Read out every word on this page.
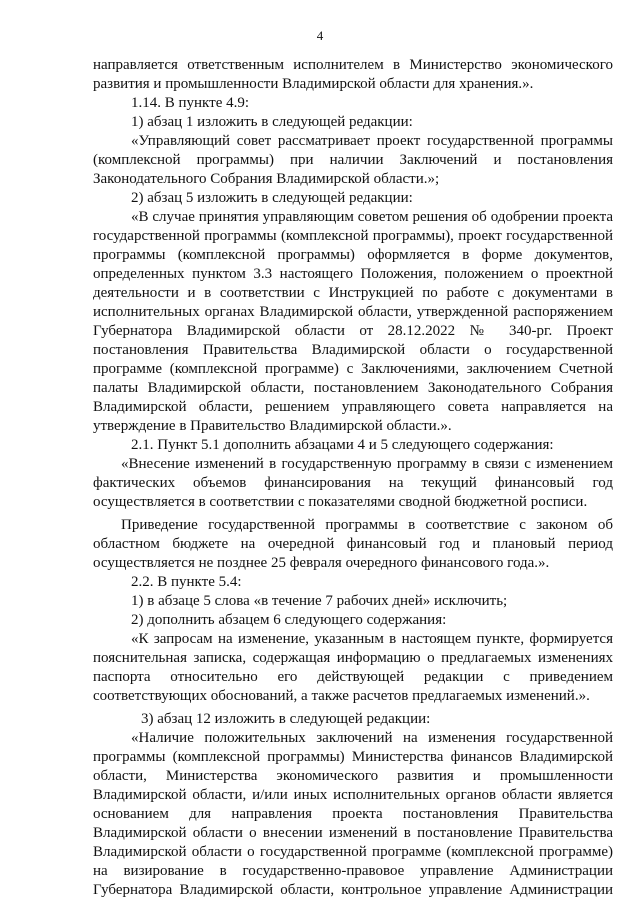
4

направляется ответственным исполнителем в Министерство экономического развития и промышленности Владимирской области для хранения.».

1.14. В пункте 4.9:

1) абзац 1 изложить в следующей редакции:

«Управляющий совет рассматривает проект государственной программы (комплексной программы) при наличии Заключений и постановления Законодательного Собрания Владимирской области.»;

2) абзац 5 изложить в следующей редакции:

«В случае принятия управляющим советом решения об одобрении проекта государственной программы (комплексной программы), проект государственной программы (комплексной программы) оформляется в форме документов, определенных пунктом 3.3 настоящего Положения, положением о проектной деятельности и в соответствии с Инструкцией по работе с документами в исполнительных органах Владимирской области, утвержденной распоряжением Губернатора Владимирской области от 28.12.2022 № 340-рг. Проект постановления Правительства Владимирской области о государственной программе (комплексной программе) с Заключениями, заключением Счетной палаты Владимирской области, постановлением Законодательного Собрания Владимирской области, решением управляющего совета направляется на утверждение в Правительство Владимирской области.».

2.1. Пункт 5.1 дополнить абзацами 4 и 5 следующего содержания:

«Внесение изменений в государственную программу в связи с изменением фактических объемов финансирования на текущий финансовый год осуществляется в соответствии с показателями сводной бюджетной росписи.

Приведение государственной программы в соответствие с законом об областном бюджете на очередной финансовый год и плановый период осуществляется не позднее 25 февраля очередного финансового года.».

2.2. В пункте 5.4:

1) в абзаце 5 слова «в течение 7 рабочих дней» исключить;

2) дополнить абзацем 6 следующего содержания:

«К запросам на изменение, указанным в настоящем пункте, формируется пояснительная записка, содержащая информацию о предлагаемых изменениях паспорта относительно его действующей редакции с приведением соответствующих обоснований, а также расчетов предлагаемых изменений.».

3) абзац 12 изложить в следующей редакции:

«Наличие положительных заключений на изменения государственной программы (комплексной программы) Министерства финансов Владимирской области, Министерства экономического развития и промышленности Владимирской области, и/или иных исполнительных органов области является основанием для направления проекта постановления Правительства Владимирской области о внесении изменений в постановление Правительства Владимирской области о государственной программе (комплексной программе) на визирование в государственно-правовое управление Администрации Губернатора Владимирской области, контрольное управление Администрации
